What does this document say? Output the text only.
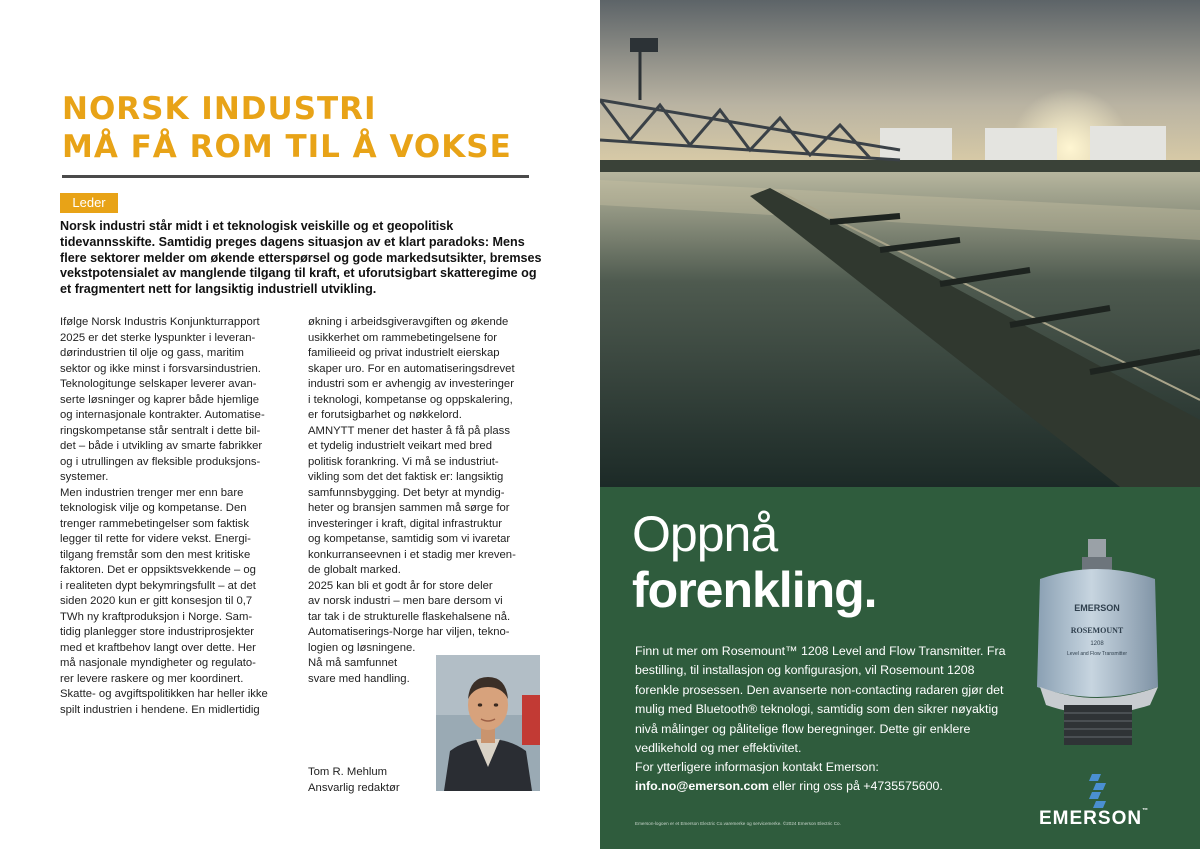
NORSK INDUSTRI
MÅ FÅ ROM TIL Å VOKSE
Leder

Norsk industri står midt i et teknologisk veiskille og et geopolitisk tidevannsskifte. Samtidig preges dagens situasjon av et klart paradoks: Mens flere sektorer melder om økende etterspørsel og gode markedsutsikter, bremses vekstpotensialet av manglende tilgang til kraft, et uforutsigbart skatteregime og et fragmentert nett for langsiktig industriell utvikling.

Ifølge Norsk Industris Konjunkturrapport

2025 er det sterke lyspunkter i leveran-

dørindustrien til olje og gass, maritim

sektor og ikke minst i forsvarsindustrien.

Teknologitunge selskaper leverer avan-

serte løsninger og kaprer både hjemlige

og internasjonale kontrakter. Automatise-

ringskompetanse står sentralt i dette bil-

det – både i utvikling av smarte fabrikker

og i utrullingen av fleksible produksjons-

systemer.

Men industrien trenger mer enn bare

teknologisk vilje og kompetanse. Den

trenger rammebetingelser som faktisk

legger til rette for videre vekst. Energi-

tilgang fremstår som den mest kritiske

faktoren. Det er oppsiktsvekkende – og

i realiteten dypt bekymringsfullt – at det

siden 2020 kun er gitt konsesjon til 0,7

TWh ny kraftproduksjon i Norge. Sam-

tidig planlegger store industriprosjekter

med et kraftbehov langt over dette. Her

må nasjonale myndigheter og regulato-

rer levere raskere og mer koordinert.

Skatte- og avgiftspolitikken har heller ikke

spilt industrien i hendene. En midlertidig

økning i arbeidsgiveravgiften og økende

usikkerhet om rammebetingelsene for

familieeid og privat industrielt eierskap

skaper uro. For en automatiseringsdrevet

industri som er avhengig av investeringer

i teknologi, kompetanse og oppskalering,

er forutsigbarhet og nøkkelord.

AMNYTT mener det haster å få på plass

et tydelig industrielt veikart med bred

politisk forankring. Vi må se industriut-

vikling som det det faktisk er: langsiktig

samfunnsbygging. Det betyr at myndig-

heter og bransjen sammen må sørge for

investeringer i kraft, digital infrastruktur

og kompetanse, samtidig som vi ivaretar

konkurranseevnen i et stadig mer kreven-

de globalt marked.

2025 kan bli et godt år for store deler

av norsk industri – men bare dersom vi

tar tak i de strukturelle flaskehalsene nå.

Automatiserings-Norge har viljen, tekno-

logien og løsningene.

Nå må samfunnet

svare med handling.

Tom R. Mehlum
Ansvarlig redaktør
Oppnå
forenkling.	EMERSON
ROSEMOUNT
1208
Level and Flow Transmitter

Finn ut mer om Rosemount™ 1208 Level and Flow Transmitter. Fra bestilling, til installasjon og konfigurasjon, vil Rosemount 1208 forenkle prosessen. Den avanserte non-contacting radaren gjør det mulig med Bluetooth® teknologi, samtidig som den sikrer nøyaktig nivå målinger og pålitelige flow beregninger. Dette gir enklere vedlikehold og mer effektivitet.

For ytterligere informasjon kontakt Emerson:
info.no@emerson.com eller ring oss på +4735575600.

Emerson-logoen er et Emerson Electric Co.varemerke og servicemerke. ©2024 Emerson Electric Co.	EMERSON™
